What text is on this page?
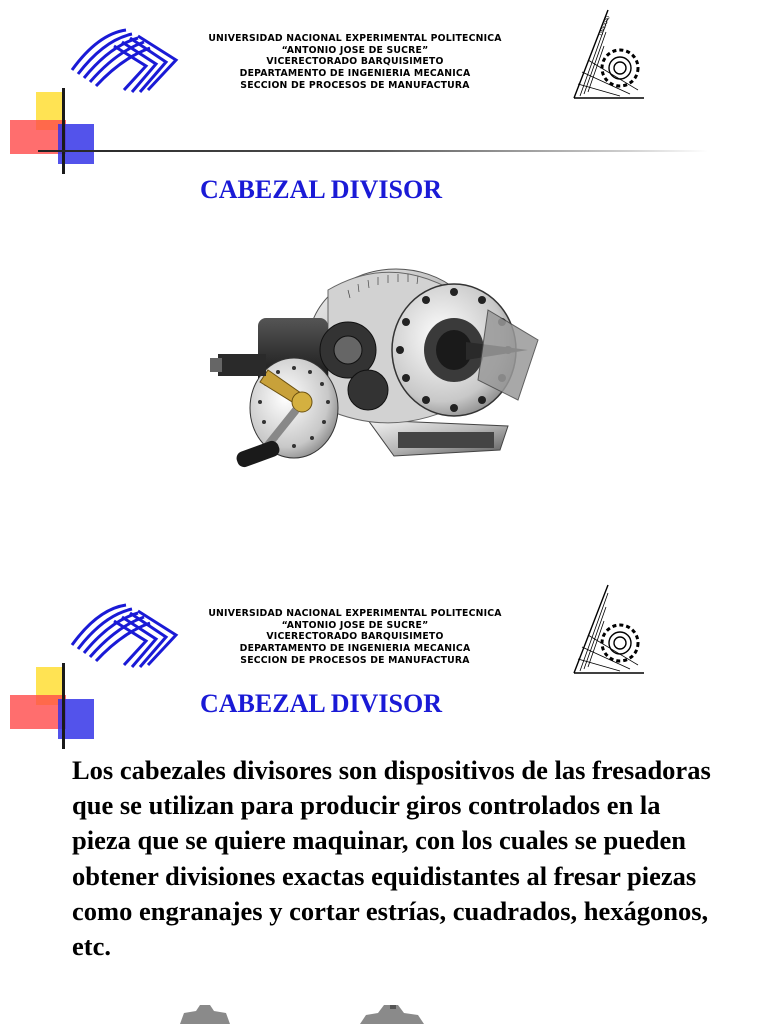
UNIVERSIDAD NACIONAL EXPERIMENTAL POLITECNICA
“ANTONIO JOSE DE SUCRE”
VICERECTORADO BARQUISIMETO
DEPARTAMENTO DE INGENIERIA MECANICA
SECCION DE PROCESOS DE MANUFACTURA
UNEXPO
CABEZAL DIVISOR
UNIVERSIDAD NACIONAL EXPERIMENTAL POLITECNICA
“ANTONIO JOSE DE SUCRE”
VICERECTORADO BARQUISIMETO
DEPARTAMENTO DE INGENIERIA MECANICA
SECCION DE PROCESOS DE MANUFACTURA
CABEZAL DIVISOR
Los cabezales divisores son dispositivos de las fresadoras que se utilizan para producir giros controlados en la pieza que se quiere maquinar, con los cuales se pueden obtener divisiones exactas equidistantes al fresar piezas como engranajes y cortar estrías, cuadrados, hexágonos, etc.
